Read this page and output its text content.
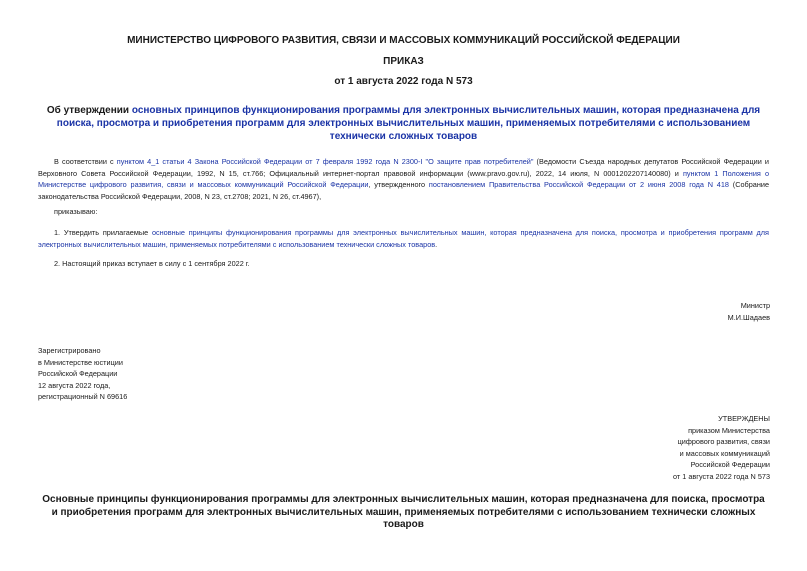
МИНИСТЕРСТВО ЦИФРОВОГО РАЗВИТИЯ, СВЯЗИ И МАССОВЫХ КОММУНИКАЦИЙ РОССИЙСКОЙ ФЕДЕРАЦИИ
ПРИКАЗ
от 1 августа 2022 года N 573
Об утверждении основных принципов функционирования программы для электронных вычислительных машин, которая предназначена для поиска, просмотра и приобретения программ для электронных вычислительных машин, применяемых потребителями с использованием технически сложных товаров
В соответствии с пунктом 4_1 статьи 4 Закона Российской Федерации от 7 февраля 1992 года N 2300-I "О защите прав потребителей" (Ведомости Съезда народных депутатов Российской Федерации и Верховного Совета Российской Федерации, 1992, N 15, ст.766; Официальный интернет-портал правовой информации (www.pravo.gov.ru), 2022, 14 июля, N 0001202207140080) и пунктом 1 Положения о Министерстве цифрового развития, связи и массовых коммуникаций Российской Федерации, утвержденного постановлением Правительства Российской Федерации от 2 июня 2008 года N 418 (Собрание законодательства Российской Федерации, 2008, N 23, ст.2708; 2021, N 26, ст.4967),
приказываю:
1. Утвердить прилагаемые основные принципы функционирования программы для электронных вычислительных машин, которая предназначена для поиска, просмотра и приобретения программ для электронных вычислительных машин, применяемых потребителями с использованием технически сложных товаров.
2. Настоящий приказ вступает в силу с 1 сентября 2022 г.
Министр
М.И.Шадаев
Зарегистрировано
в Министерстве юстиции
Российской Федерации
12 августа 2022 года,
регистрационный N 69616
УТВЕРЖДЕНЫ
приказом Министерства
цифрового развития, связи
и массовых коммуникаций
Российской Федерации
от 1 августа 2022 года N 573
Основные принципы функционирования программы для электронных вычислительных машин, которая предназначена для поиска, просмотра и приобретения программ для электронных вычислительных машин, применяемых потребителями с использованием технически сложных товаров
